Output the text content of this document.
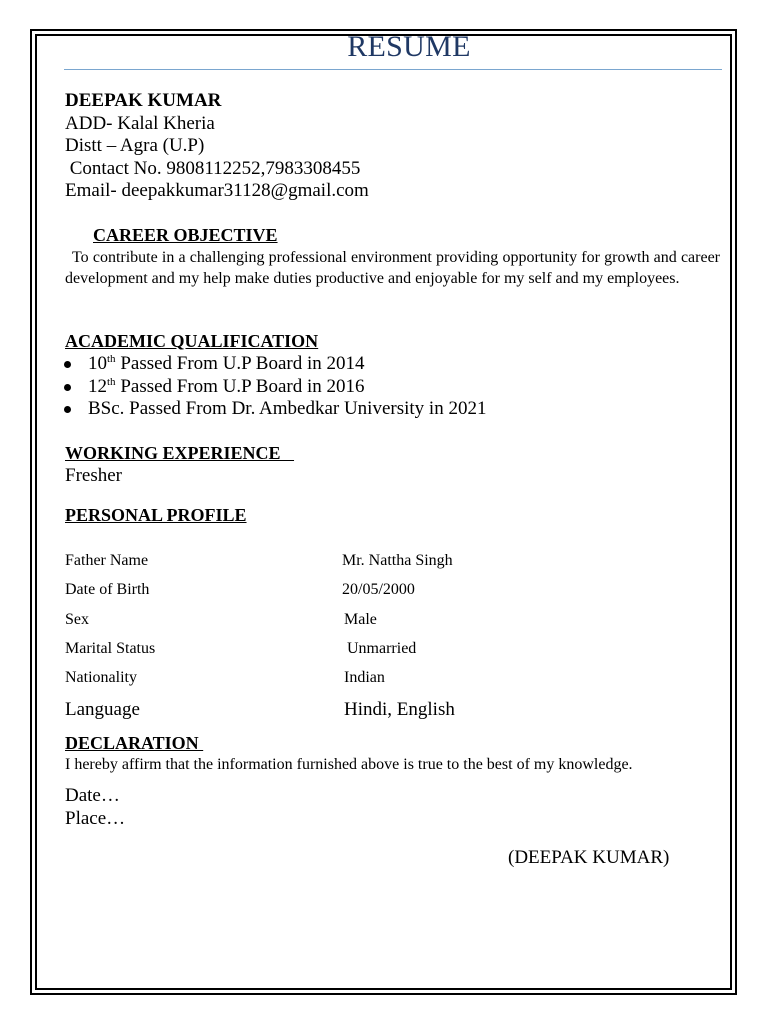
RESUME
DEEPAK KUMAR
ADD- Kalal Kheria
Distt – Agra (U.P)
Contact No. 9808112252,7983308455
Email- deepakkumar31128@gmail.com
CAREER OBJECTIVE
To contribute in a challenging professional environment providing opportunity for growth and career development and my help make duties productive and enjoyable for my self and my employees.
ACADEMIC QUALIFICATION
10th Passed From U.P Board in 2014
12th Passed From U.P Board in 2016
BSc. Passed From Dr. Ambedkar University in 2021
WORKING EXPERIENCE
Fresher
PERSONAL PROFILE
Father Name	Mr. Nattha Singh
Date of Birth	20/05/2000
Sex	Male
Marital Status	Unmarried
Nationality	Indian
Language	Hindi, English
DECLARATION
I hereby affirm that the information furnished above is true to the best of my knowledge.
Date…
Place…
(DEEPAK KUMAR)
